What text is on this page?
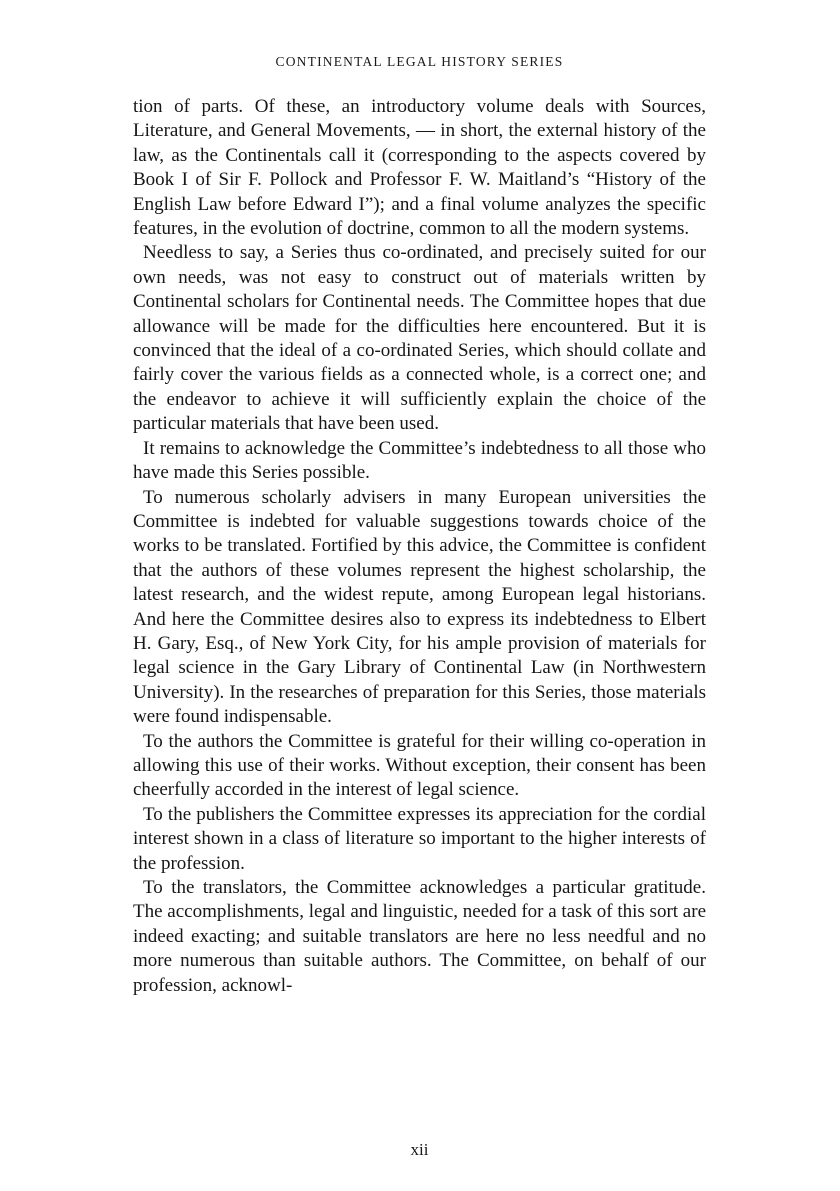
CONTINENTAL LEGAL HISTORY SERIES

tion of parts. Of these, an introductory volume deals with Sources, Literature, and General Movements, — in short, the external history of the law, as the Continentals call it (corresponding to the aspects covered by Book I of Sir F. Pollock and Professor F. W. Maitland’s “History of the English Law before Edward I”); and a final volume analyzes the specific features, in the evolution of doctrine, common to all the modern systems.

Needless to say, a Series thus co-ordinated, and precisely suited for our own needs, was not easy to construct out of materials written by Continental scholars for Continental needs. The Committee hopes that due allowance will be made for the difficulties here encountered. But it is convinced that the ideal of a co-ordinated Series, which should collate and fairly cover the various fields as a connected whole, is a correct one; and the endeavor to achieve it will sufficiently explain the choice of the particular materials that have been used.

It remains to acknowledge the Committee’s indebtedness to all those who have made this Series possible.

To numerous scholarly advisers in many European universities the Committee is indebted for valuable suggestions towards choice of the works to be translated. Fortified by this advice, the Committee is confident that the authors of these volumes represent the highest scholarship, the latest research, and the widest repute, among European legal historians. And here the Committee desires also to express its indebtedness to Elbert H. Gary, Esq., of New York City, for his ample provision of materials for legal science in the Gary Library of Continental Law (in Northwestern University). In the researches of preparation for this Series, those materials were found indispensable.

To the authors the Committee is grateful for their willing co-operation in allowing this use of their works. Without exception, their consent has been cheerfully accorded in the interest of legal science.

To the publishers the Committee expresses its appreciation for the cordial interest shown in a class of literature so important to the higher interests of the profession.

To the translators, the Committee acknowledges a particular gratitude. The accomplishments, legal and linguistic, needed for a task of this sort are indeed exacting; and suitable translators are here no less needful and no more numerous than suitable authors. The Committee, on behalf of our profession, acknowl-

xii
